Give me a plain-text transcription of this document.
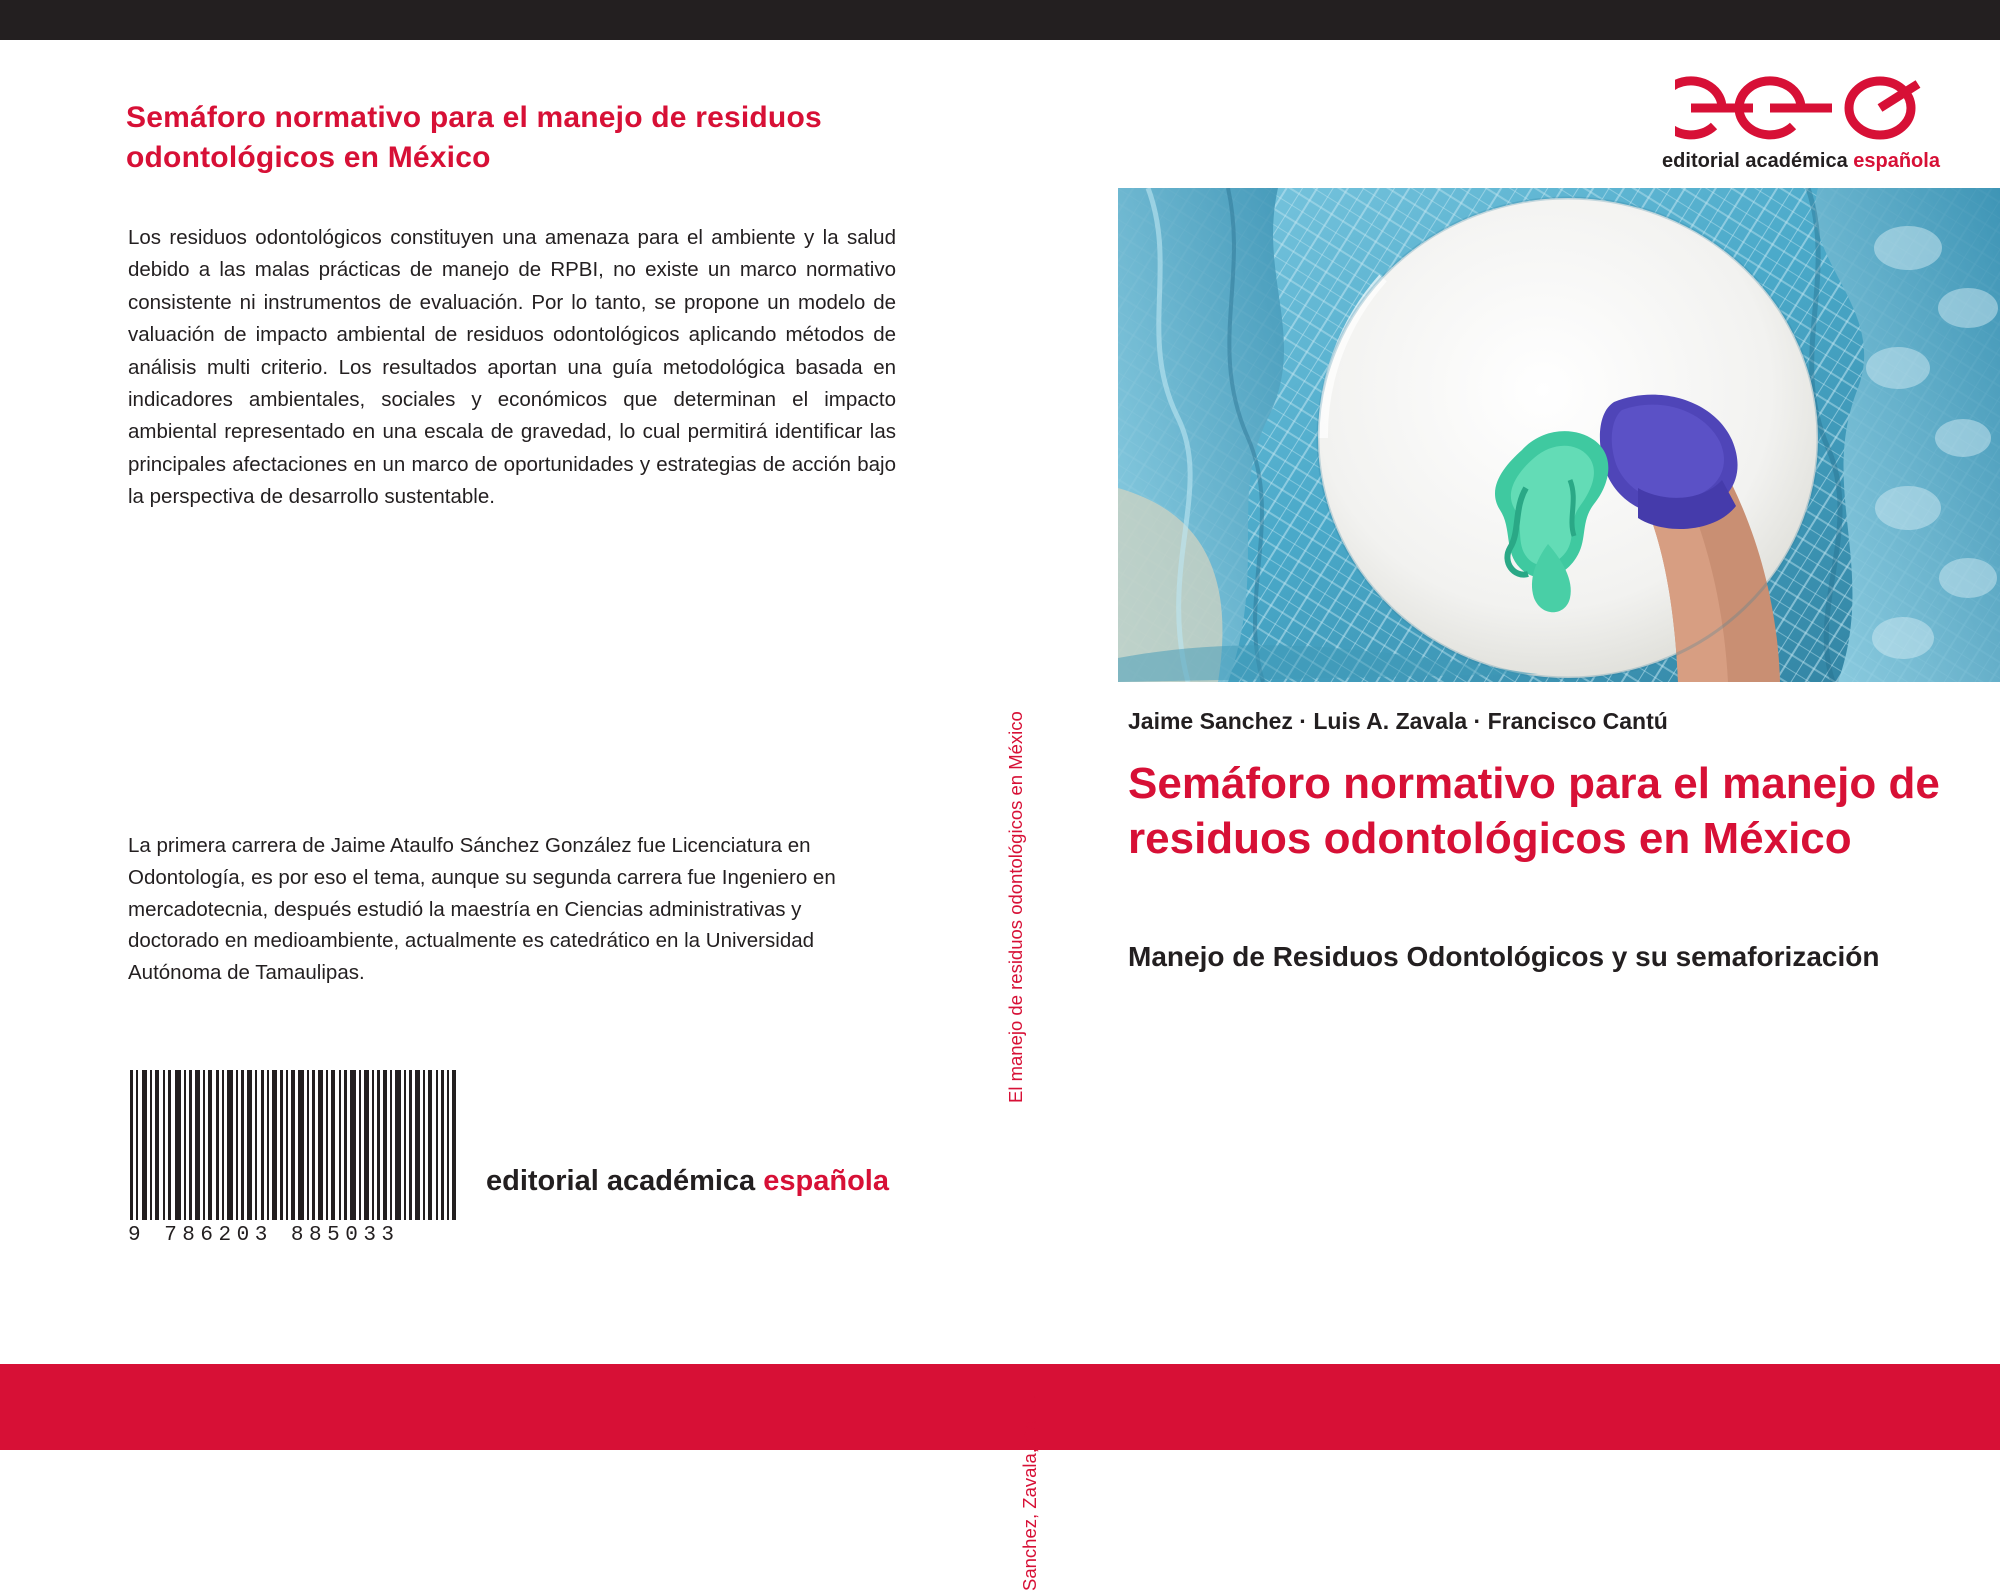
Semáforo normativo para el manejo de residuos odontológicos en México
Los residuos odontológicos constituyen una amenaza para el ambiente y la salud debido a las malas prácticas de manejo de RPBI, no existe un marco normativo consistente ni instrumentos de evaluación. Por lo tanto, se propone un modelo de valuación de impacto ambiental de residuos odontológicos aplicando métodos de análisis multi criterio. Los resultados aportan una guía metodológica basada en indicadores ambientales, sociales y económicos que determinan el impacto ambiental representado en una escala de gravedad, lo cual permitirá identificar las principales afectaciones en un marco de oportunidades y estrategias de acción bajo la perspectiva de desarrollo sustentable.
La primera carrera de Jaime Ataulfo Sánchez González fue Licenciatura en Odontología, es por eso el tema, aunque su segunda carrera fue Ingeniero en mercadotecnia, después estudió la maestría en Ciencias administrativas y doctorado en medioambiente, actualmente es catedrático en la Universidad Autónoma de Tamaulipas.
9 786203 885033
editorial académica española
El manejo de residuos odontológicos en México
Sanchez, Zavala, Cantú
editorial académica española
Jaime Sanchez · Luis A. Zavala · Francisco Cantú
Semáforo normativo para el manejo de residuos odontológicos en México
Manejo de Residuos Odontológicos y su semaforización
